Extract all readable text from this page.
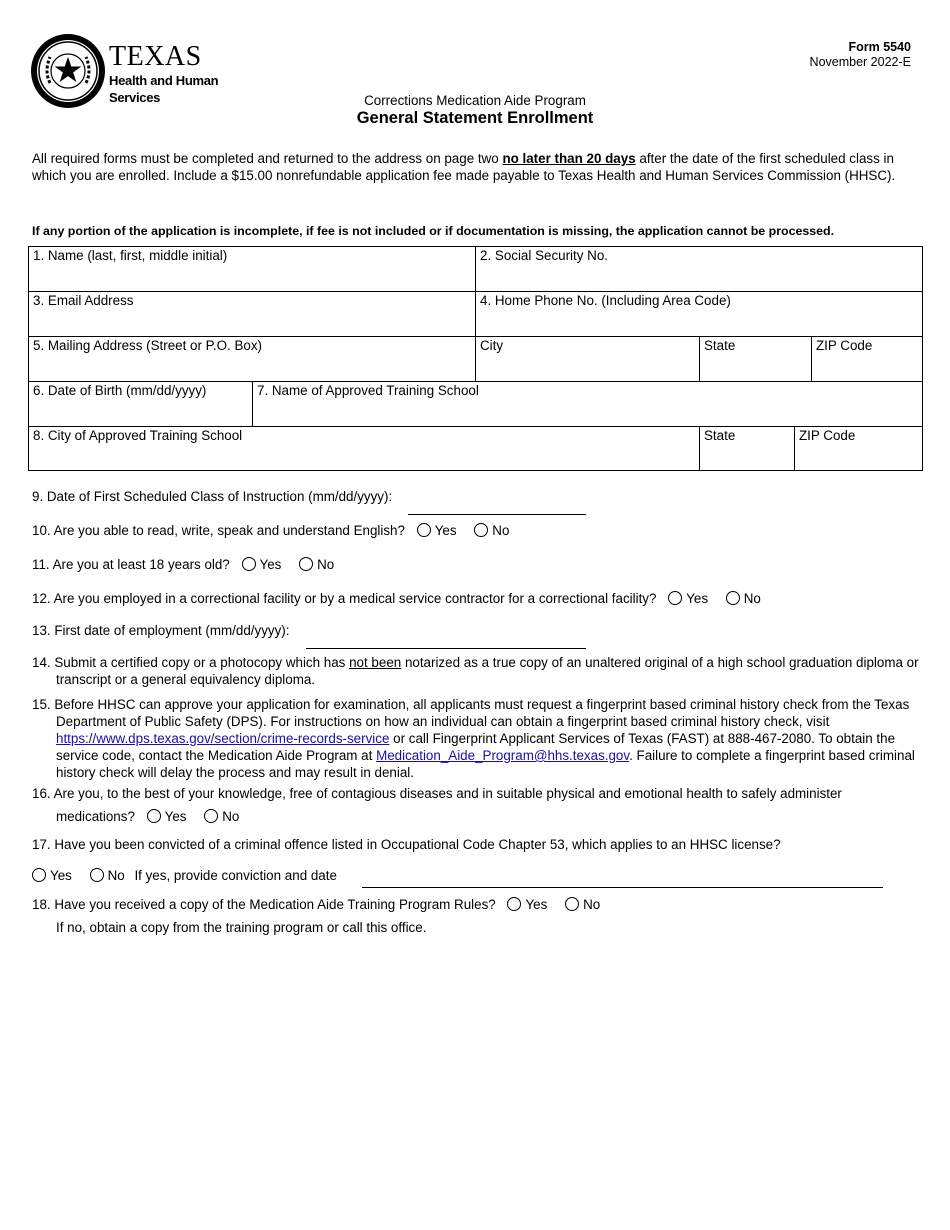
TEXAS
Health and Human
Services
Form 5540
November 2022-E
Corrections Medication Aide Program
General Statement Enrollment
All required forms must be completed and returned to the address on page two no later than 20 days after the date of the first scheduled class in which you are enrolled. Include a $15.00 nonrefundable application fee made payable to Texas Health and Human Services Commission (HHSC).
If any portion of the application is incomplete, if fee is not included or if documentation is missing, the application cannot be processed.
1. Name (last, first, middle initial)	2. Social Security No.
3. Email Address	4. Home Phone No. (Including Area Code)
5. Mailing Address (Street or P.O. Box)	City	State	ZIP Code
6. Date of Birth (mm/dd/yyyy)	7. Name of Approved Training School
8. City of Approved Training School	State	ZIP Code
9. Date of First Scheduled Class of Instruction (mm/dd/yyyy):
10. Are you able to read, write, speak and understand English? Yes	No
11. Are you at least 18 years old? Yes	No
12. Are you employed in a correctional facility or by a medical service contractor for a correctional facility? Yes	No
13. First date of employment (mm/dd/yyyy):
14. Submit a certified copy or a photocopy which has not been notarized as a true copy of an unaltered original of a high school graduation diploma or transcript or a general equivalency diploma.
15. Before HHSC can approve your application for examination, all applicants must request a fingerprint based criminal history check from the Texas Department of Public Safety (DPS). For instructions on how an individual can obtain a fingerprint based criminal history check, visit https://www.dps.texas.gov/section/crime-records-service or call Fingerprint Applicant Services of Texas (FAST) at 888-467-2080. To obtain the service code, contact the Medication Aide Program at Medication_Aide_Program@hhs.texas.gov. Failure to complete a fingerprint based criminal history check will delay the process and may result in denial.
16. Are you, to the best of your knowledge, free of contagious diseases and in suitable physical and emotional health to safely administer
medications? Yes	No
17. Have you been convicted of a criminal offence listed in Occupational Code Chapter 53, which applies to an HHSC license?
Yes	No If yes, provide conviction and date
18. Have you received a copy of the Medication Aide Training Program Rules? Yes	No
If no, obtain a copy from the training program or call this office.
